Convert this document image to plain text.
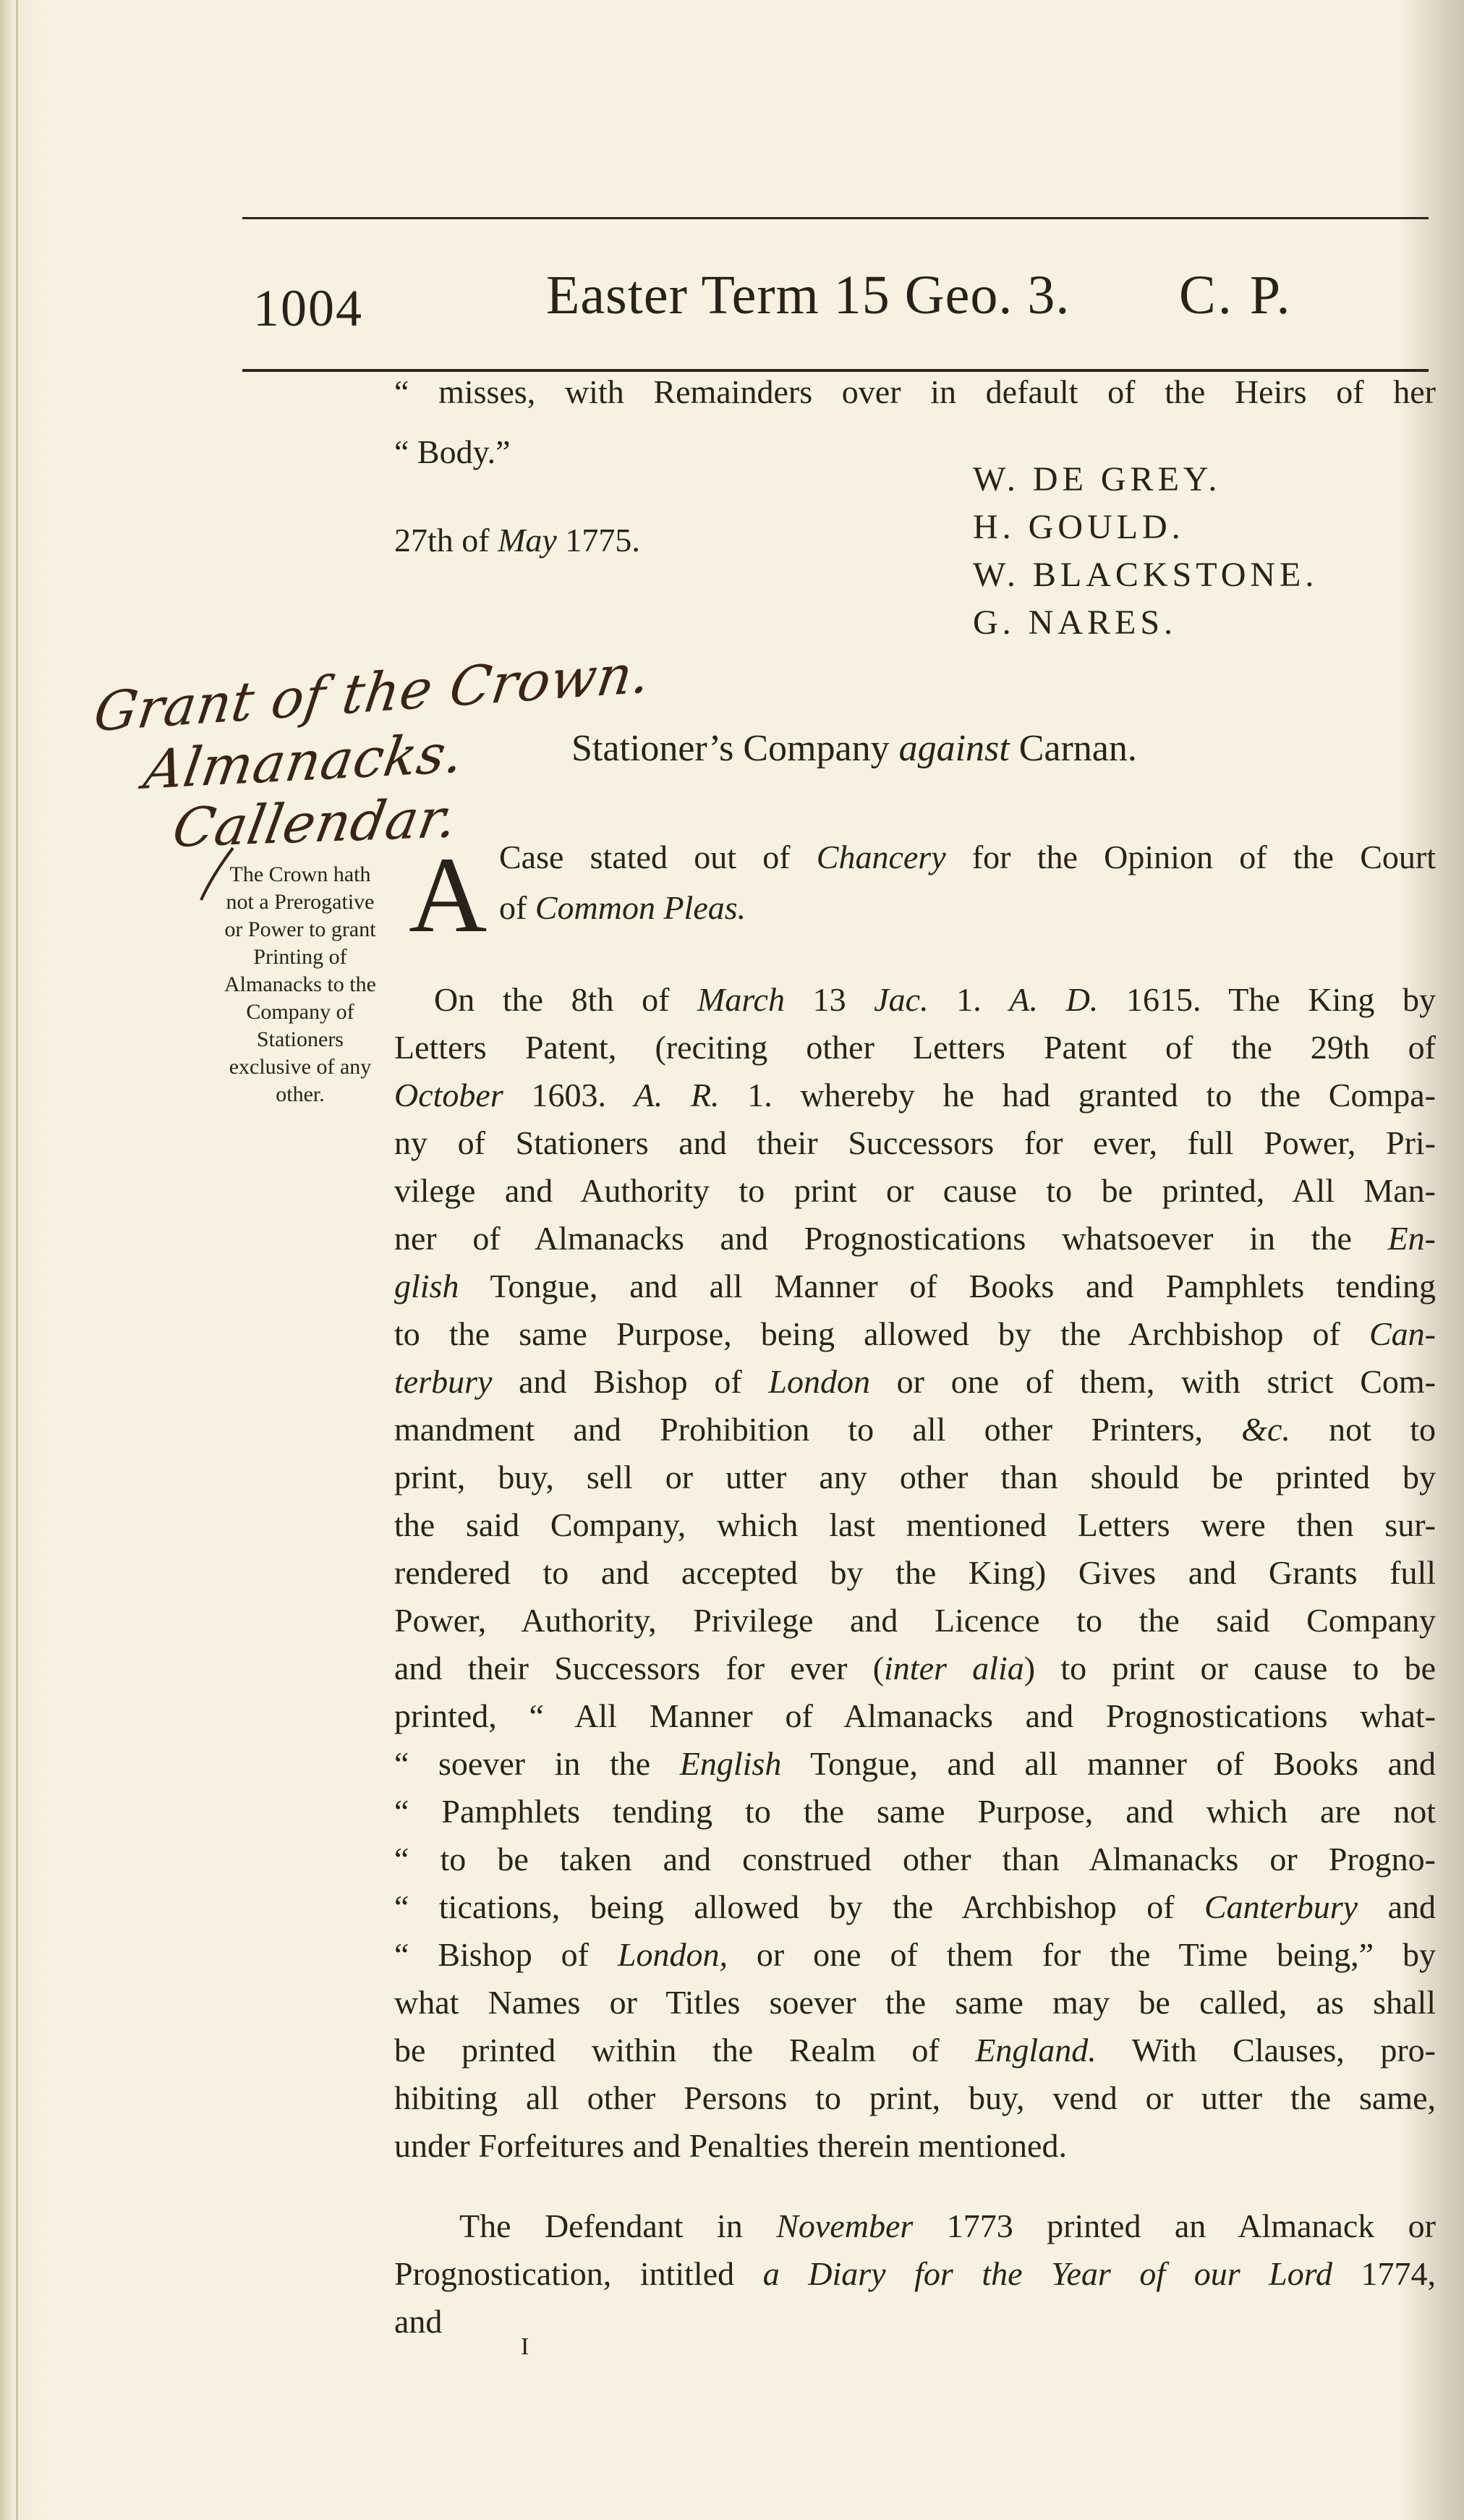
1004	Easter Term 15 Geo. 3. C. P.
“ misses, with Remainders over in default of the Heirs of her
“ Body.”
27th of May 1775.
W. DE GREY.
H. GOULD.
W. BLACKSTONE.
G. NARES.
Grant of the Crown.
Almanacks.
Callendar.
Stationer’s Company against Carnan.
A Case stated out of Chancery for the Opinion of the Court
of Common Pleas.
The Crown hath not a Prerogative or Power to grant Printing of Almanacks to the Company of Stationers exclusive of any other.
On the 8th of March 13 Jac. 1. A. D. 1615. The King by
Letters Patent, (reciting other Letters Patent of the 29th of
October 1603. A. R. 1. whereby he had granted to the Compa-
ny of Stationers and their Successors for ever, full Power, Pri-
vilege and Authority to print or cause to be printed, All Man-
ner of Almanacks and Prognostications whatsoever in the En-
glish Tongue, and all Manner of Books and Pamphlets tending
to the same Purpose, being allowed by the Archbishop of Can-
terbury and Bishop of London or one of them, with strict Com-
mandment and Prohibition to all other Printers, &c. not to
print, buy, sell or utter any other than should be printed by
the said Company, which last mentioned Letters were then sur-
rendered to and accepted by the King) Gives and Grants full
Power, Authority, Privilege and Licence to the said Company
and their Successors for ever (inter alia) to print or cause to be
printed, “ All Manner of Almanacks and Prognostications what-
“ soever in the English Tongue, and all manner of Books and
“ Pamphlets tending to the same Purpose, and which are not
“ to be taken and construed other than Almanacks or Progno-
“ tications, being allowed by the Archbishop of Canterbury and
“ Bishop of London, or one of them for the Time being,” by
what Names or Titles soever the same may be called, as shall
be printed within the Realm of England. With Clauses, pro-
hibiting all other Persons to print, buy, vend or utter the same,
under Forfeitures and Penalties therein mentioned.
The Defendant in November 1773 printed an Almanack or
Prognostication, intitled a Diary for the Year of our Lord 1774,
and
I
